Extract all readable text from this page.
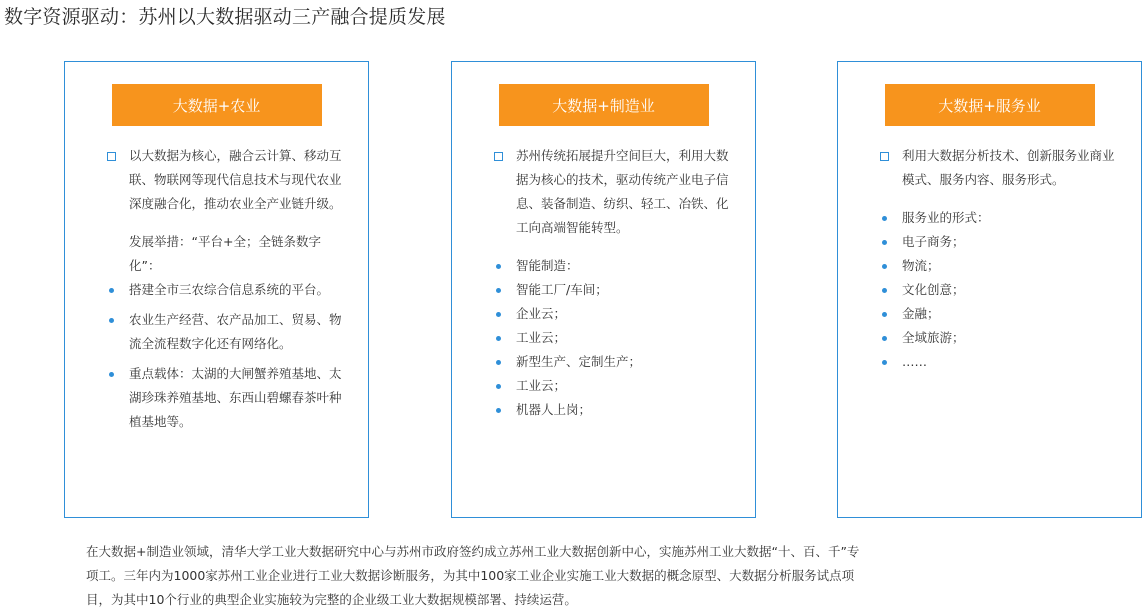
数字资源驱动：苏州以大数据驱动三产融合提质发展
大数据+农业
以大数据为核心，融合云计算、移动互联、物联网等现代信息技术与现代农业深度融合化，推动农业全产业链升级。
发展举措：“平台+全；全链条数字化”：
搭建全市三农综合信息系统的平台。
农业生产经营、农产品加工、贸易、物流全流程数字化还有网络化。
重点载体：太湖的大闸蟹养殖基地、太湖珍珠养殖基地、东西山碧螺春茶叶种植基地等。
大数据+制造业
苏州传统拓展提升空间巨大，利用大数据为核心的技术，驱动传统产业电子信息、装备制造、纺织、轻工、冶铁、化工向高端智能转型。
智能制造：
智能工厂/车间；
企业云；
工业云；
新型生产、定制生产；
工业云；
机器人上岗；
大数据+服务业
利用大数据分析技术、创新服务业商业模式、服务内容、服务形式。
服务业的形式：
电子商务；
物流；
文化创意；
金融；
全域旅游；
……
在大数据+制造业领域，清华大学工业大数据研究中心与苏州市政府签约成立苏州工业大数据创新中心，实施苏州工业大数据“十、百、千”专项工。三年内为1000家苏州工业企业进行工业大数据诊断服务，为其中100家工业企业实施工业大数据的概念原型、大数据分析服务试点项目，为其中10个行业的典型企业实施较为完整的企业级工业大数据规模部署、持续运营。
